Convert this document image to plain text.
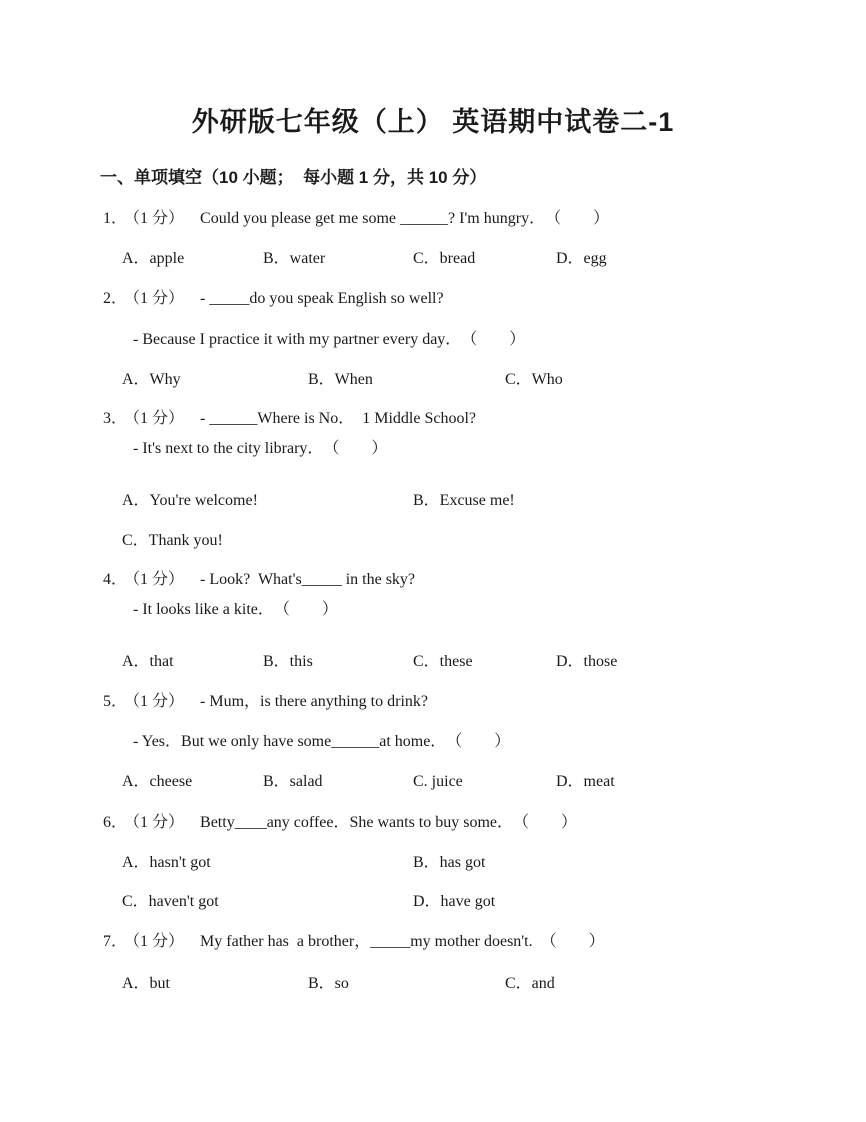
外研版七年级（上） 英语期中试卷二-1
一、单项填空（10 小题；  每小题 1 分，共 10 分）
1． （1 分） Could you please get me some ______? I'm hungry．　（　　）
A．apple	B．water	C．bread	D．egg
2． （1 分） - _____do you speak English so well?
- Because I practice it with my partner every day．　（　　）
A．Why	B．When	C．Who
3． （1 分） - ______Where is No．  1 Middle School?
- It's next to the city library．　（　　）
A．You're welcome!	B．Excuse me!
C．Thank you!
4． （1 分） - Look?  What's_____ in the sky?
- It looks like a kite．　（　　）
A．that	B．this	C．these	D．those
5． （1 分） - Mum，is there anything to drink?
- Yes．But we only have some______at home．　（　　）
A．cheese	B．salad	C. juice	D．meat
6． （1 分） Betty____any coffee．She wants to buy some．　（　　）
A．hasn't got	B．has got
C．haven't got	D．have got
7． （1 分） My father has  a brother，_____my mother doesn't.　（　　）
A．but	B．so	C．and
